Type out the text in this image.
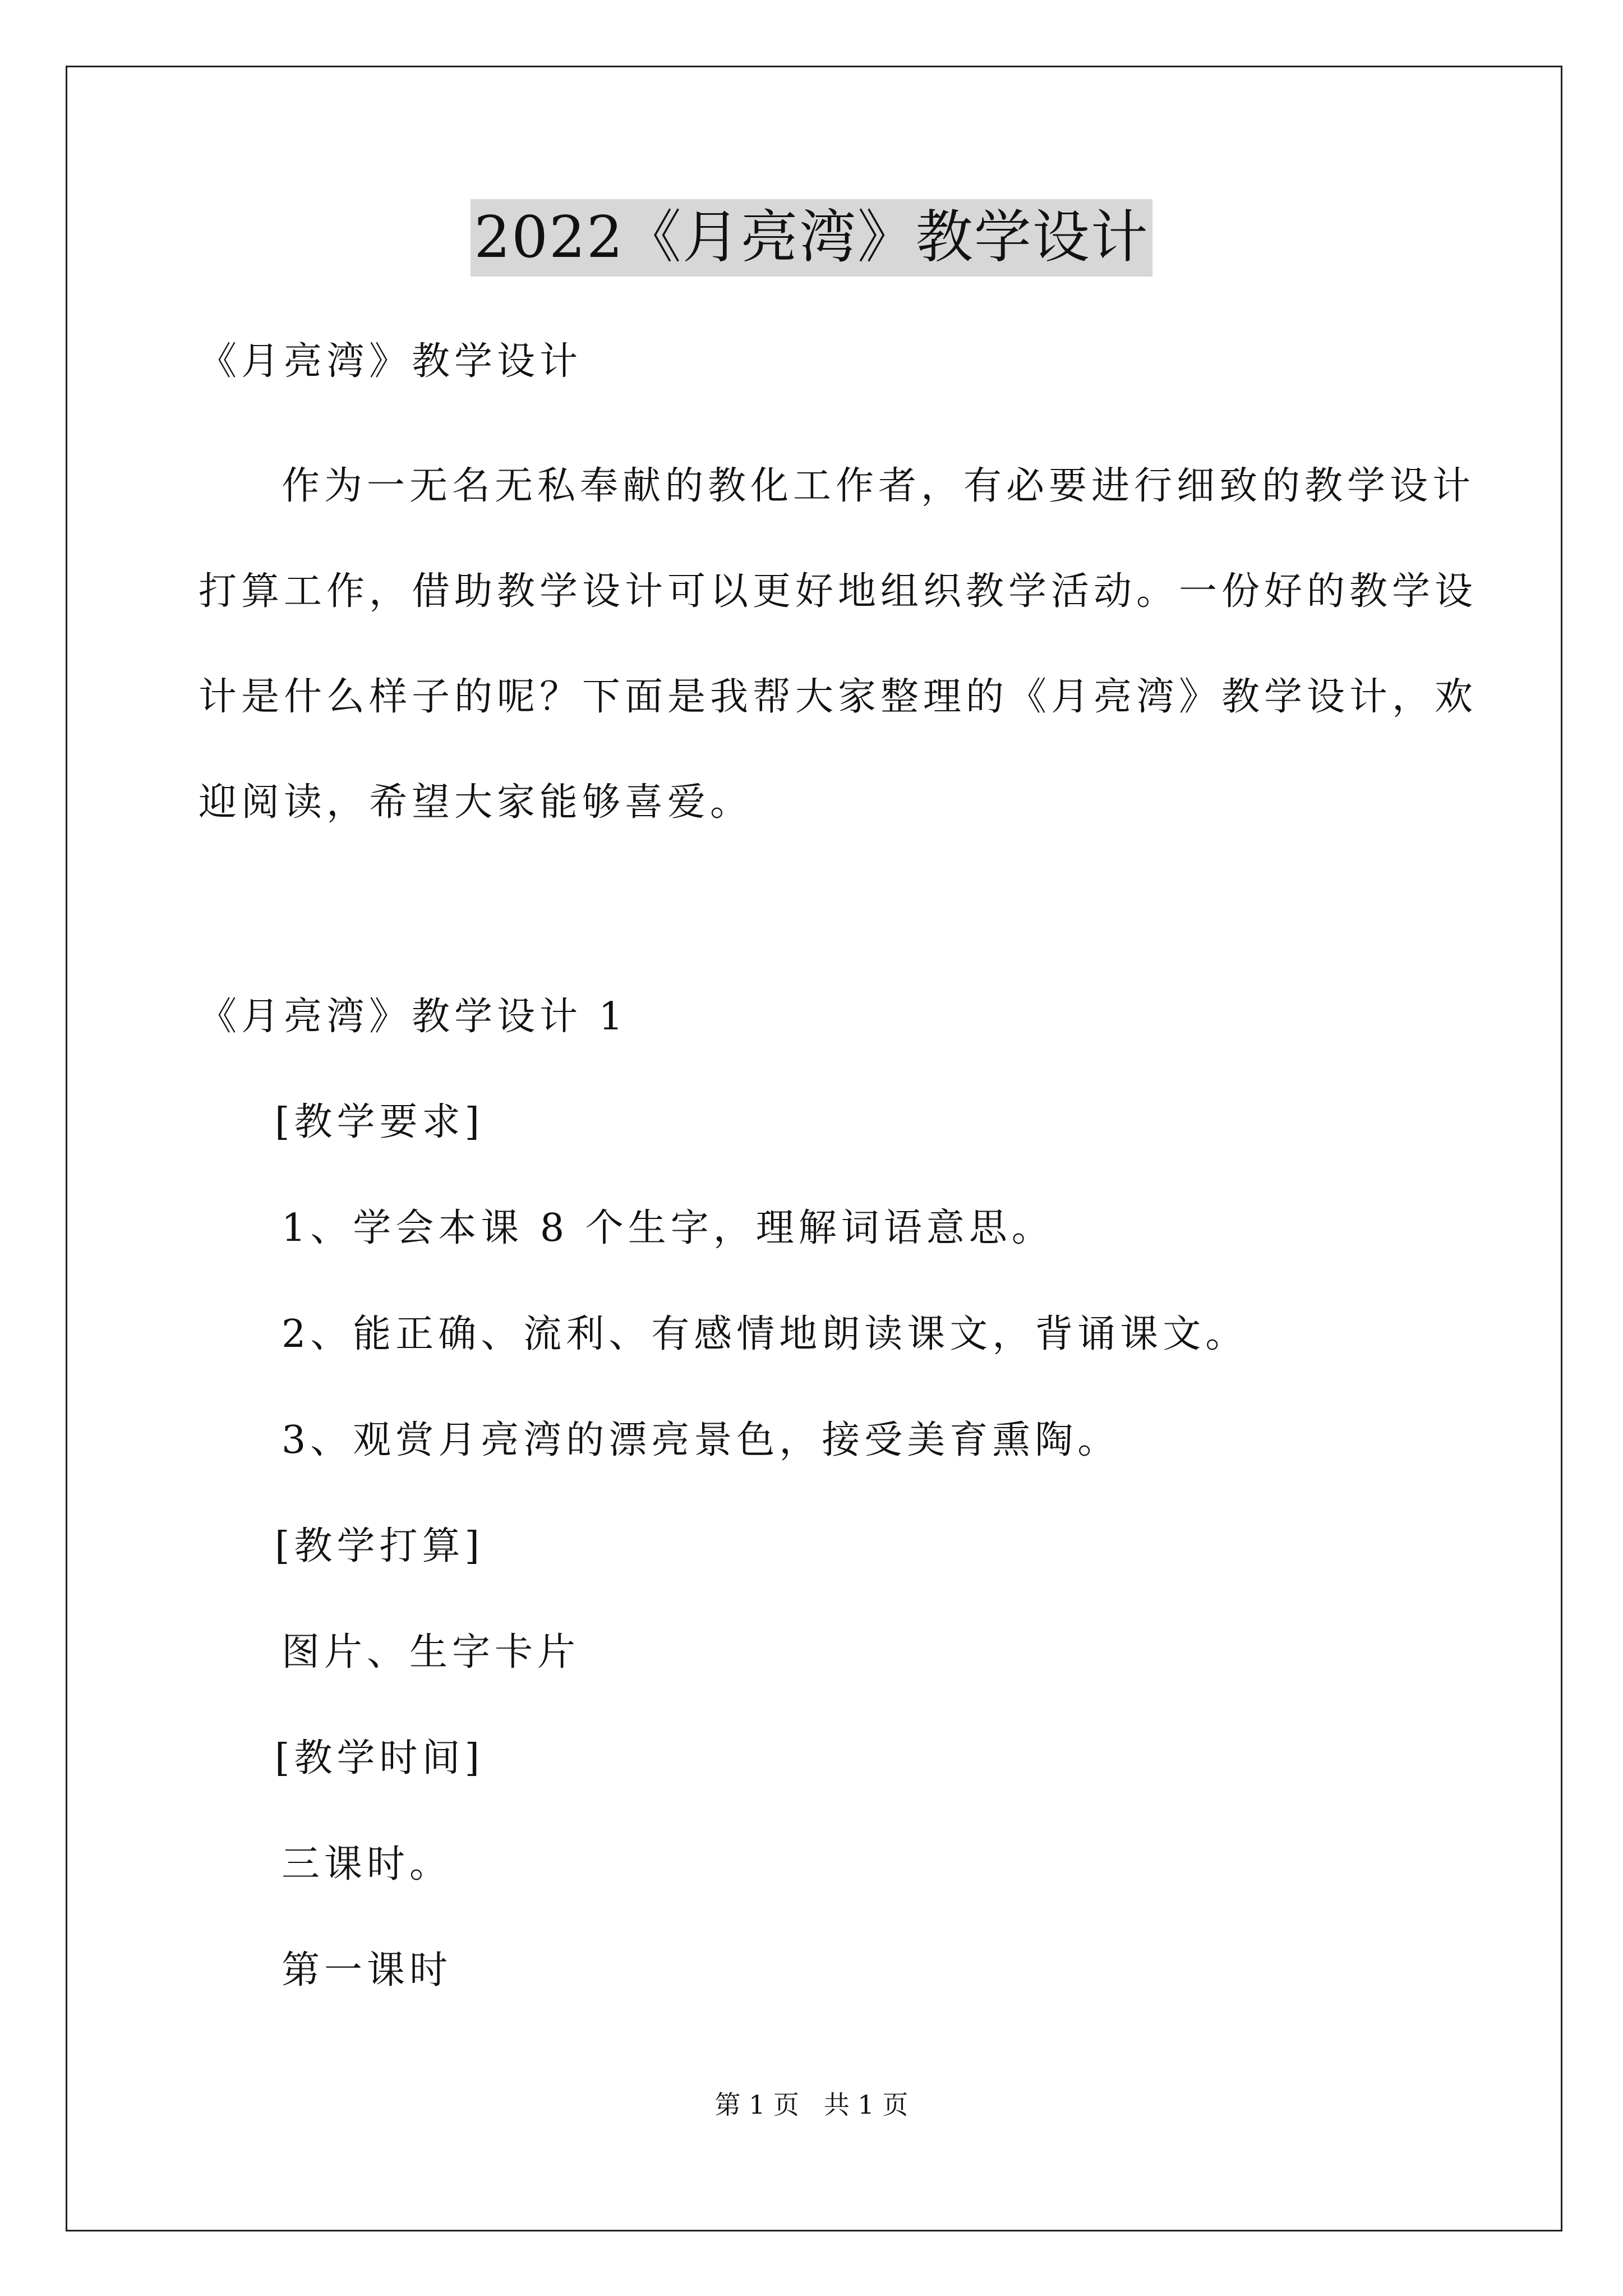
2022《月亮湾》教学设计
《月亮湾》教学设计
作为一无名无私奉献的教化工作者，有必要进行细致的教学设计
打算工作，借助教学设计可以更好地组织教学活动。一份好的教学设
计是什么样子的呢？下面是我帮大家整理的《月亮湾》教学设计，欢
迎阅读，希望大家能够喜爱。
《月亮湾》教学设计 1
[教学要求]
1、学会本课 8 个生字，理解词语意思。
2、能正确、流利、有感情地朗读课文，背诵课文。
3、观赏月亮湾的漂亮景色，接受美育熏陶。
[教学打算]
图片、生字卡片
[教学时间]
三课时。
第一课时
第 1 页   共 1 页
